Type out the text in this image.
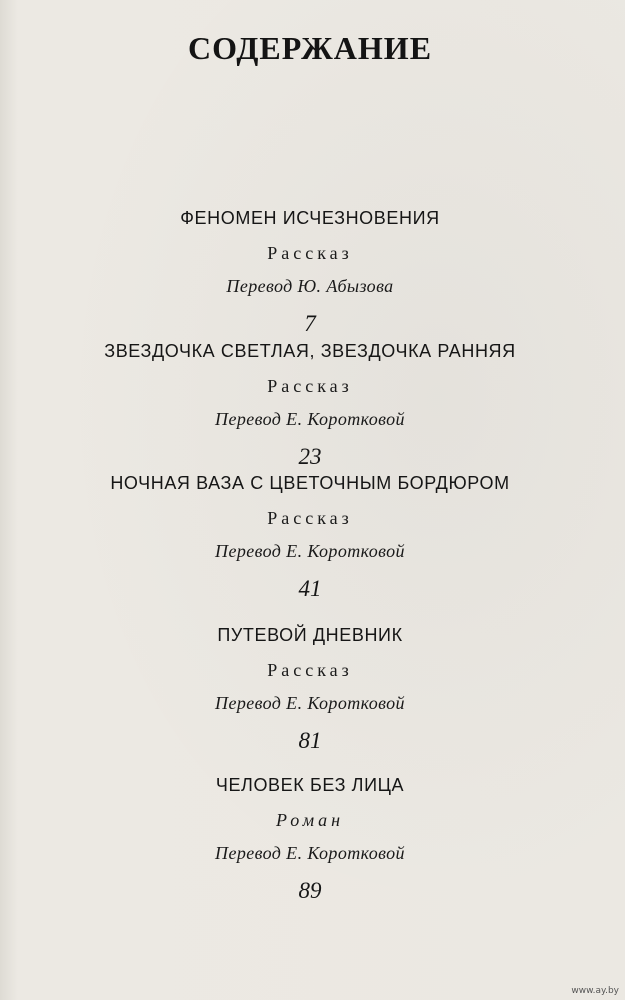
СОДЕРЖАНИЕ
ФЕНОМЕН ИСЧЕЗНОВЕНИЯ
Рассказ
Перевод Ю. Абызова
7
ЗВЕЗДОЧКА СВЕТЛАЯ, ЗВЕЗДОЧКА РАННЯЯ
Рассказ
Перевод Е. Коротковой
23
НОЧНАЯ ВАЗА С ЦВЕТОЧНЫМ БОРДЮРОМ
Рассказ
Перевод Е. Коротковой
41
ПУТЕВОЙ ДНЕВНИК
Рассказ
Перевод Е. Коротковой
81
ЧЕЛОВЕК БЕЗ ЛИЦА
Роман
Перевод Е. Коротковой
89
www.ay.by
